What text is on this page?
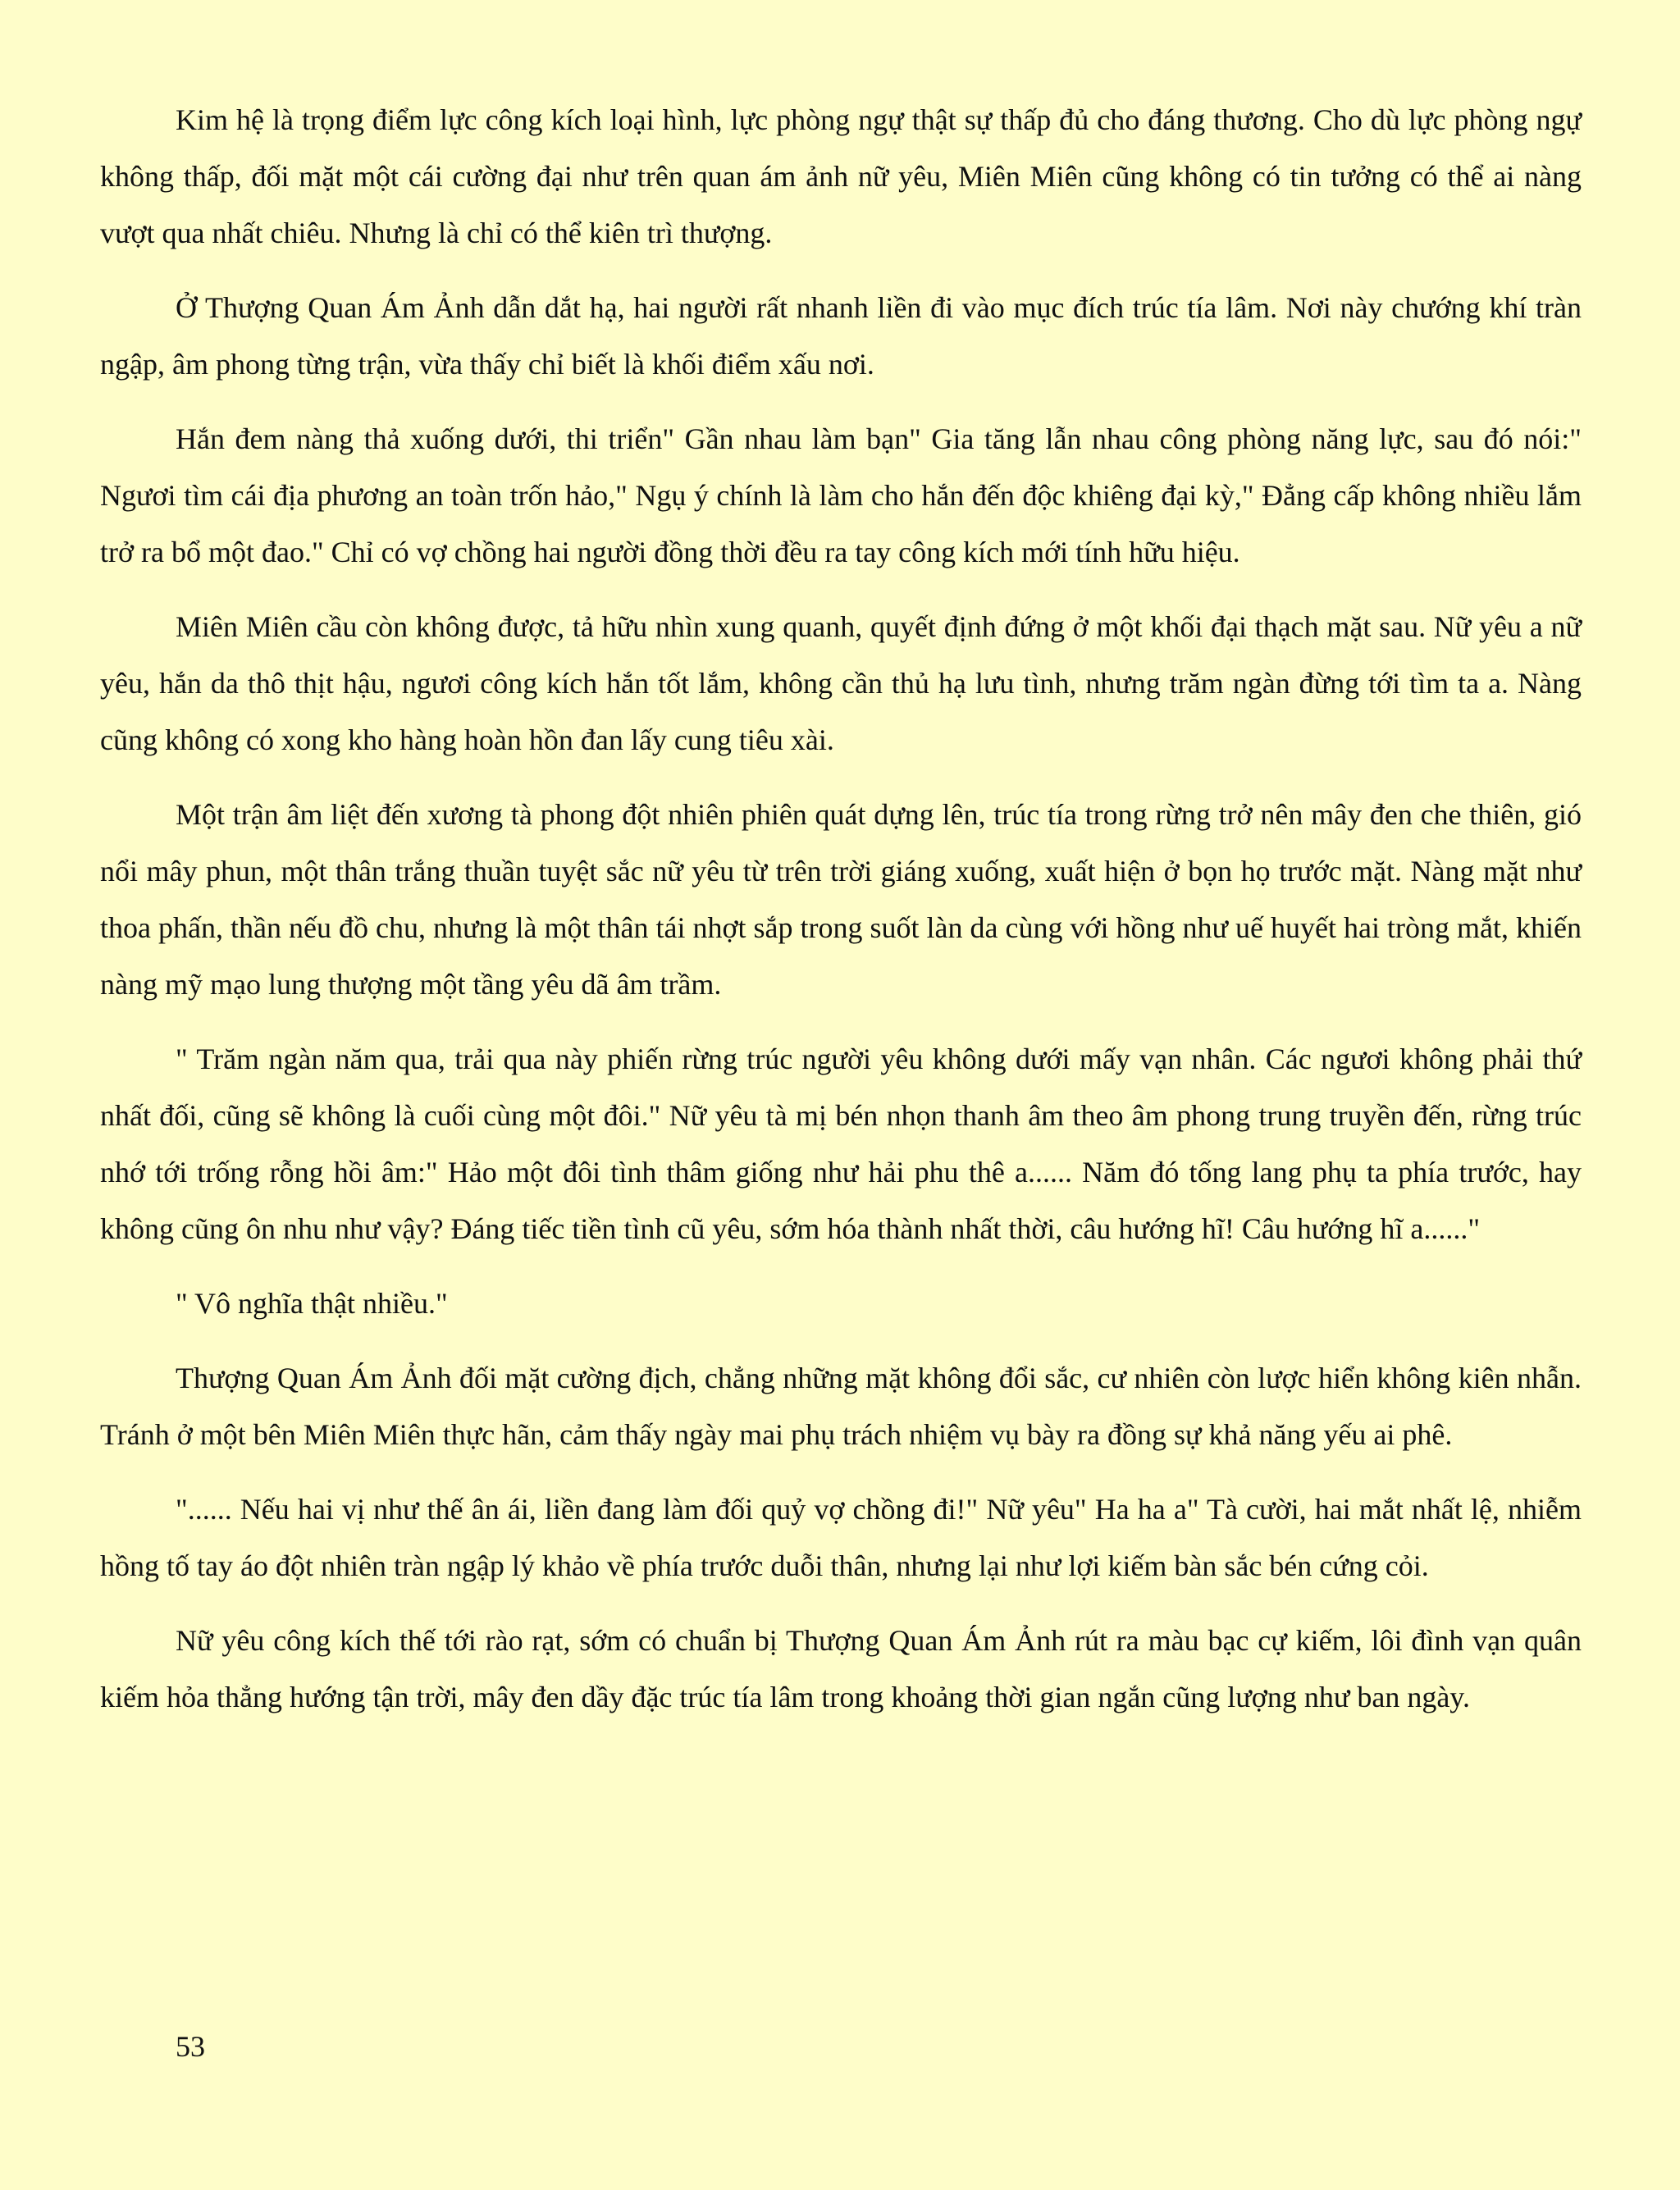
Kim hệ là trọng điểm lực công kích loại hình, lực phòng ngự thật sự thấp đủ cho đáng thương. Cho dù lực phòng ngự không thấp, đối mặt một cái cường đại như trên quan ám ảnh nữ yêu, Miên Miên cũng không có tin tưởng có thể ai nàng vượt qua nhất chiêu. Nhưng là chỉ có thể kiên trì thượng.

Ở Thượng Quan Ám Ảnh dẫn dắt hạ, hai người rất nhanh liền đi vào mục đích trúc tía lâm. Nơi này chướng khí tràn ngập, âm phong từng trận, vừa thấy chỉ biết là khối điểm xấu nơi.

Hắn đem nàng thả xuống dưới, thi triển" Gần nhau làm bạn" Gia tăng lẫn nhau công phòng năng lực, sau đó nói:" Ngươi tìm cái địa phương an toàn trốn hảo," Ngụ ý chính là làm cho hắn đến độc khiêng đại kỳ," Đẳng cấp không nhiều lắm trở ra bổ một đao." Chỉ có vợ chồng hai người đồng thời đều ra tay công kích mới tính hữu hiệu.

Miên Miên cầu còn không được, tả hữu nhìn xung quanh, quyết định đứng ở một khối đại thạch mặt sau. Nữ yêu a nữ yêu, hắn da thô thịt hậu, ngươi công kích hắn tốt lắm, không cần thủ hạ lưu tình, nhưng trăm ngàn đừng tới tìm ta a. Nàng cũng không có xong kho hàng hoàn hồn đan lấy cung tiêu xài.

Một trận âm liệt đến xương tà phong đột nhiên phiên quát dựng lên, trúc tía trong rừng trở nên mây đen che thiên, gió nổi mây phun, một thân trắng thuần tuyệt sắc nữ yêu từ trên trời giáng xuống, xuất hiện ở bọn họ trước mặt. Nàng mặt như thoa phấn, thần nếu đồ chu, nhưng là một thân tái nhợt sắp trong suốt làn da cùng với hồng như uế huyết hai tròng mắt, khiến nàng mỹ mạo lung thượng một tầng yêu dã âm trầm.

" Trăm ngàn năm qua, trải qua này phiến rừng trúc người yêu không dưới mấy vạn nhân. Các ngươi không phải thứ nhất đối, cũng sẽ không là cuối cùng một đôi." Nữ yêu tà mị bén nhọn thanh âm theo âm phong trung truyền đến, rừng trúc nhớ tới trống rỗng hồi âm:" Hảo một đôi tình thâm giống như hải phu thê a...... Năm đó tống lang phụ ta phía trước, hay không cũng ôn nhu như vậy? Đáng tiếc tiền tình cũ yêu, sớm hóa thành nhất thời, câu hướng hĩ! Câu hướng hĩ a......"

" Vô nghĩa thật nhiều."

Thượng Quan Ám Ảnh đối mặt cường địch, chẳng những mặt không đổi sắc, cư nhiên còn lược hiển không kiên nhẫn. Tránh ở một bên Miên Miên thực hãn, cảm thấy ngày mai phụ trách nhiệm vụ bày ra đồng sự khả năng yếu ai phê.

"...... Nếu hai vị như thế ân ái, liền đang làm đối quỷ vợ chồng đi!" Nữ yêu" Ha ha a" Tà cười, hai mắt nhất lệ, nhiễm hồng tố tay áo đột nhiên tràn ngập lý khảo về phía trước duỗi thân, nhưng lại như lợi kiếm bàn sắc bén cứng cỏi.

Nữ yêu công kích thế tới rào rạt, sớm có chuẩn bị Thượng Quan Ám Ảnh rút ra màu bạc cự kiếm, lôi đình vạn quân kiếm hỏa thẳng hướng tận trời, mây đen dầy đặc trúc tía lâm trong khoảng thời gian ngắn cũng lượng như ban ngày.

53
